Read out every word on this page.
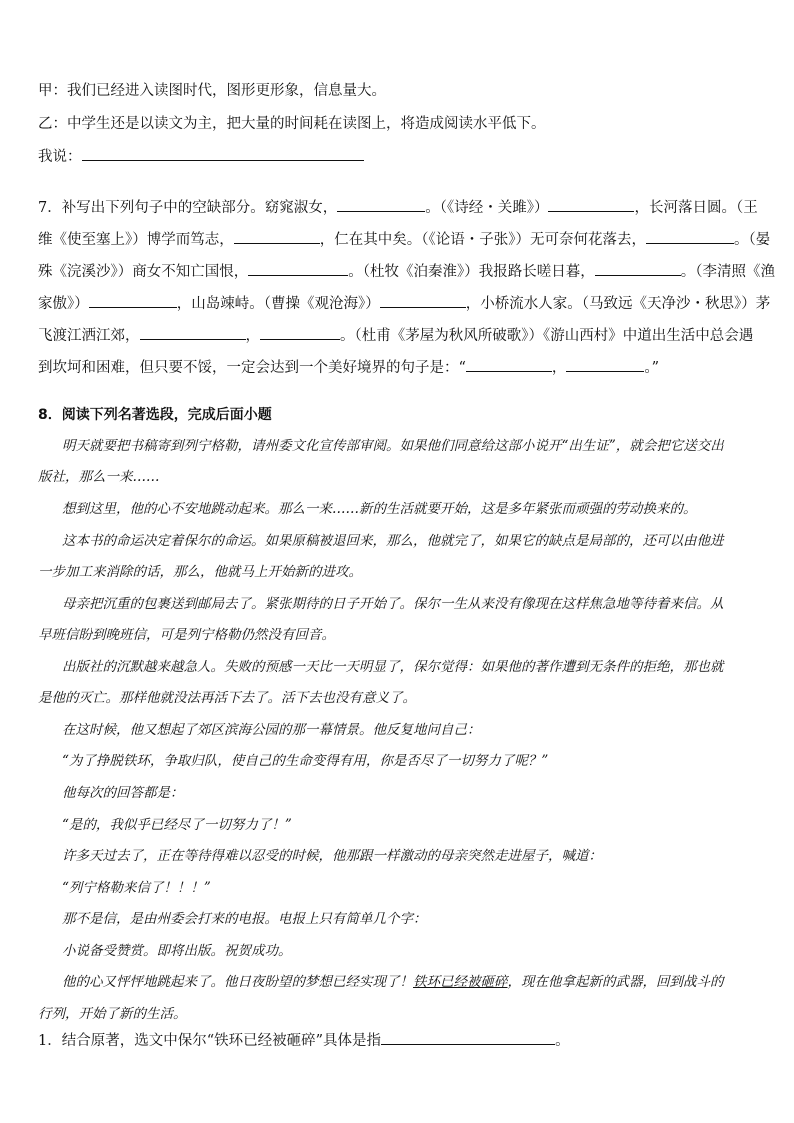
甲：我们已经进入读图时代，图形更形象，信息量大。
乙：中学生还是以读文为主，把大量的时间耗在读图上，将造成阅读水平低下。
我说：
7．补写出下列句子中的空缺部分。窈窕淑女，	。（《诗经・关雎》）	，长河落日圆。（王
维《使至塞上》）博学而笃志，	，仁在其中矣。（《论语・子张》）无可奈何花落去，	。（晏
殊《浣溪沙》）商女不知亡国恨，	。（杜牧《泊秦淮》）我报路长嗟日暮，	。（李清照《渔
家傲》）	，山岛竦峙。（曹操《观沧海》）	，小桥流水人家。（马致远《天净沙・秋思》）茅
飞渡江洒江郊，	，	。（杜甫《茅屋为秋风所破歌》）《游山西村》中道出生活中总会遇
到坎坷和困难，但只要不馁，一定会达到一个美好境界的句子是：“	，	。”
8．阅读下列名著选段，完成后面小题
明天就要把书稿寄到列宁格勒，请州委文化宣传部审阅。如果他们同意给这部小说开“出生证”，就会把它送交出
版社，那么一来……
想到这里，他的心不安地跳动起来。那么一来……新的生活就要开始，这是多年紧张而顽强的劳动换来的。
这本书的命运决定着保尔的命运。如果原稿被退回来，那么，他就完了，如果它的缺点是局部的，还可以由他进
一步加工来消除的话，那么，他就马上开始新的进攻。
母亲把沉重的包裹送到邮局去了。紧张期待的日子开始了。保尔一生从来没有像现在这样焦急地等待着来信。从
早班信盼到晚班信，可是列宁格勒仍然没有回音。
出版社的沉默越来越急人。失败的预感一天比一天明显了，保尔觉得：如果他的著作遭到无条件的拒绝，那也就
是他的灭亡。那样他就没法再活下去了。活下去也没有意义了。
在这时候，他又想起了郊区滨海公园的那一幕情景。他反复地问自己：
“为了挣脱铁环，争取归队，使自己的生命变得有用，你是否尽了一切努力了呢？”
他每次的回答都是：
“是的，我似乎已经尽了一切努力了！”
许多天过去了，正在等待得难以忍受的时候，他那跟一样激动的母亲突然走进屋子，喊道：
“列宁格勒来信了！！！”
那不是信，是由州委会打来的电报。电报上只有简单几个字：
小说备受赞赏。即将出版。祝贺成功。
他的心又怦怦地跳起来了。他日夜盼望的梦想已经实现了！铁环已经被砸碎，现在他拿起新的武器，回到战斗的
行列，开始了新的生活。
1．结合原著，选文中保尔“铁环已经被砸碎”具体是指	。
